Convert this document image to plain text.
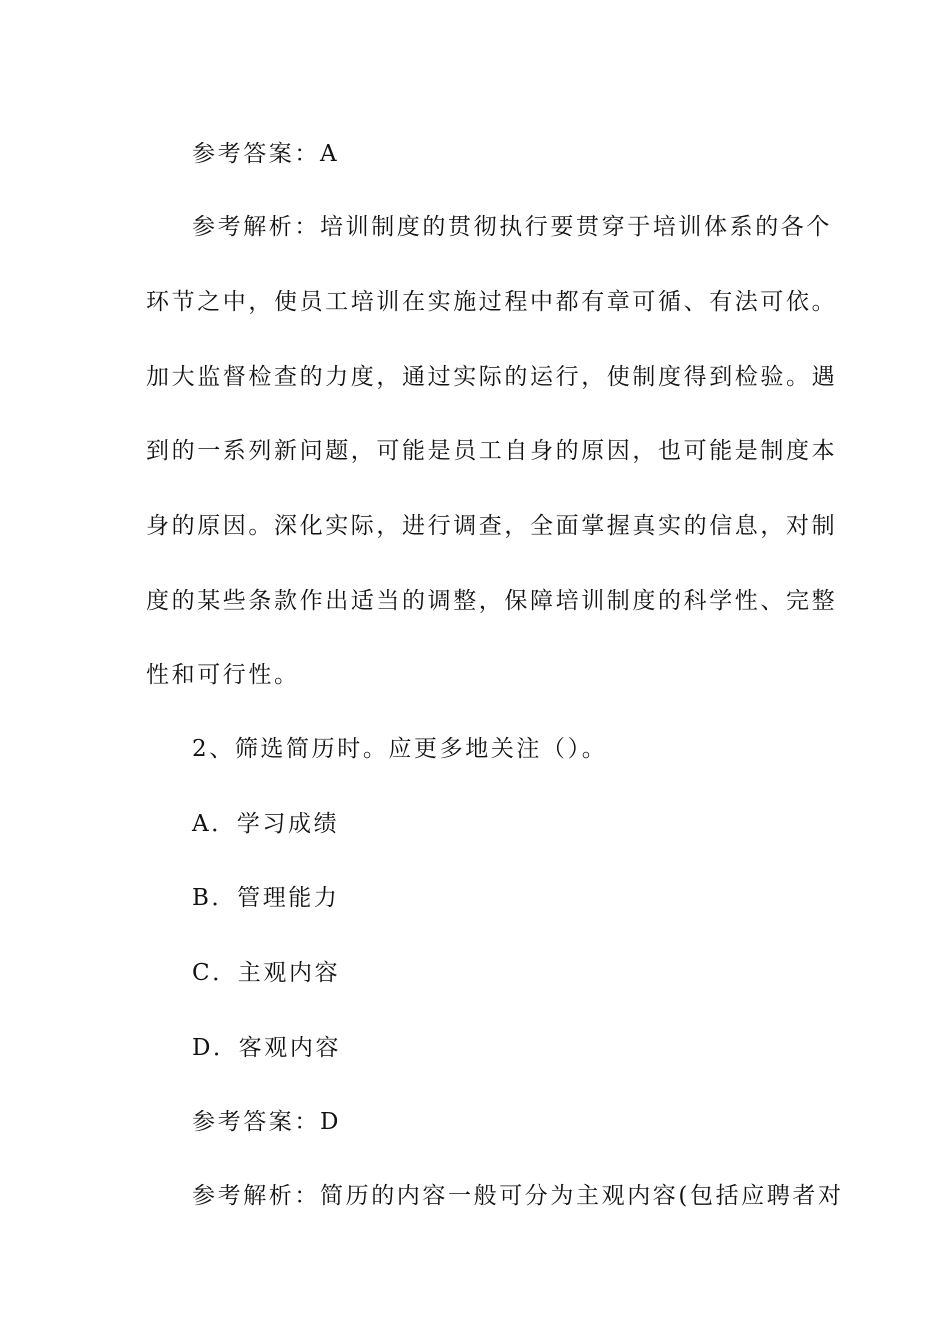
参考答案：A
参考解析：培训制度的贯彻执行要贯穿于培训体系的各个
环节之中，使员工培训在实施过程中都有章可循、有法可依。
加大监督检查的力度，通过实际的运行，使制度得到检验。遇
到的一系列新问题，可能是员工自身的原因，也可能是制度本
身的原因。深化实际，进行调查，全面掌握真实的信息，对制
度的某些条款作出适当的调整，保障培训制度的科学性、完整
性和可行性。
2、筛选简历时。应更多地关注（）。
A．学习成绩
B．管理能力
C．主观内容
D．客观内容
参考答案：D
参考解析：简历的内容一般可分为主观内容(包括应聘者对
